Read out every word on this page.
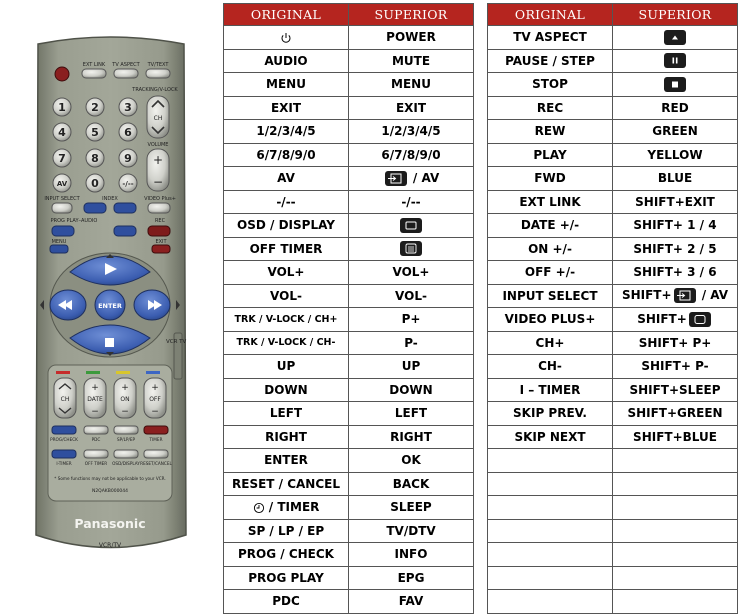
EXT LINK TV ASPECT TV/TEXT
TRACKING/V-LOCK
1 2 3
4 5 6
7 8 9
AV 0	-/--
CH
VOLUME
+
−
INPUT SELECT	INDEX	VIDEO Plus+
PROG PLAY–AUDIO	REC
MENU	EXIT
ENTER
VCR TV
CH	DATE	ON	OFF
+ + +
− − −
PROG/CHECK	PDC	SP/LP/EP	TIMER
I-TIMER	OFF TIMER OSD/DISPLAY RESET/CANCEL
* Some functions may not be applicable to your VCR.
N2QAKB000044
Panasonic
VCR/TV
ORIGINAL	SUPERIOR
	POWER
AUDIO	MUTE
MENU	MENU
EXIT	EXIT
1/2/3/4/5	1/2/3/4/5
6/7/8/9/0	6/7/8/9/0
AV	/ AV
-/--	-/--
OSD / DISPLAY	

OFF TIMER	

VOL+	VOL+
VOL-	VOL-
TRK / V-LOCK / CH+	P+
TRK / V-LOCK / CH-	P-
UP	UP
DOWN	DOWN
LEFT	LEFT
RIGHT	RIGHT
ENTER	OK
RESET / CANCEL	BACK
/ TIMER	SLEEP
SP / LP / EP	TV/DTV
PROG / CHECK	INFO
PROG PLAY	EPG
PDC	FAV
ORIGINAL	SUPERIOR
TV ASPECT	

PAUSE / STEP	

STOP	

REC	RED
REW	GREEN
PLAY	YELLOW
FWD	BLUE
EXT LINK	SHIFT+EXIT
DATE +/-	SHIFT+ 1 / 4
ON +/-	SHIFT+ 2 / 5
OFF +/-	SHIFT+ 3 / 6
INPUT SELECT	SHIFT+ / AV
VIDEO PLUS+	SHIFT+

CH+	SHIFT+ P+
CH-	SHIFT+ P-
I – TIMER	SHIFT+SLEEP
SKIP PREV.	SHIFT+GREEN
SKIP NEXT	SHIFT+BLUE
